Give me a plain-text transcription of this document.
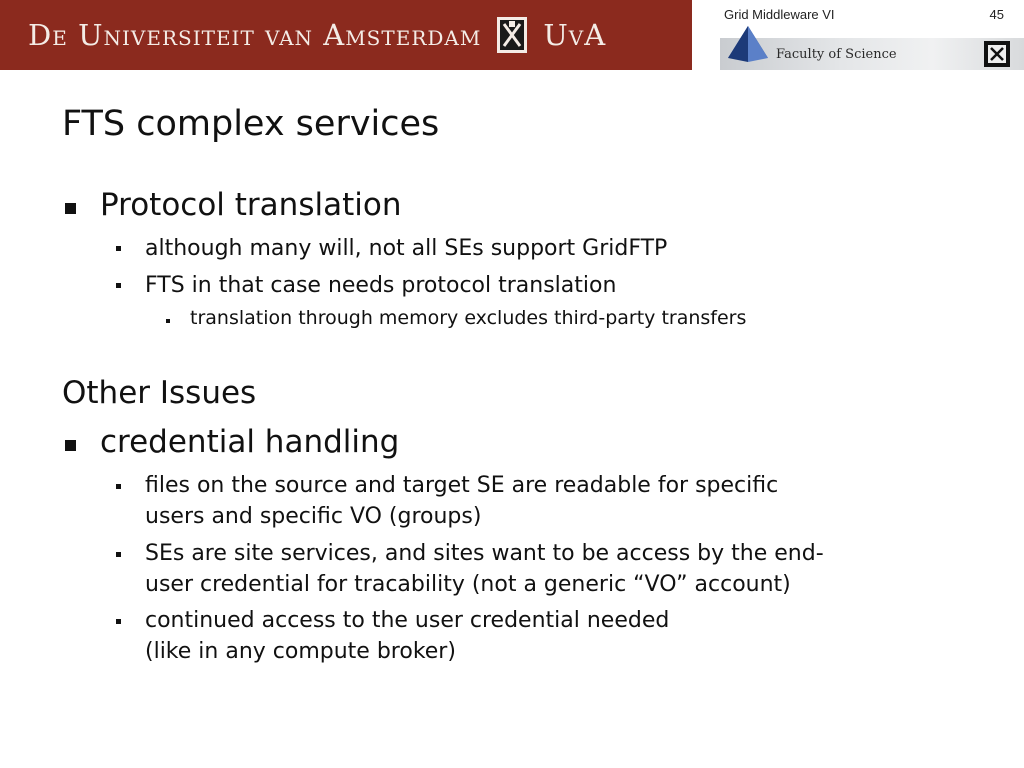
De Universiteit van Amsterdam UvA
Grid Middleware VI	45
Faculty of Science
FTS complex services
Protocol translation
although many will, not all SEs support GridFTP
FTS in that case needs protocol translation
translation through memory excludes third-party transfers
Other Issues
credential handling
files on the source and target SE are readable for specific
users and specific VO (groups)
SEs are site services, and sites want to be access by the end-
user credential for tracability (not a generic “VO” account)
continued access to the user credential needed
(like in any compute broker)
